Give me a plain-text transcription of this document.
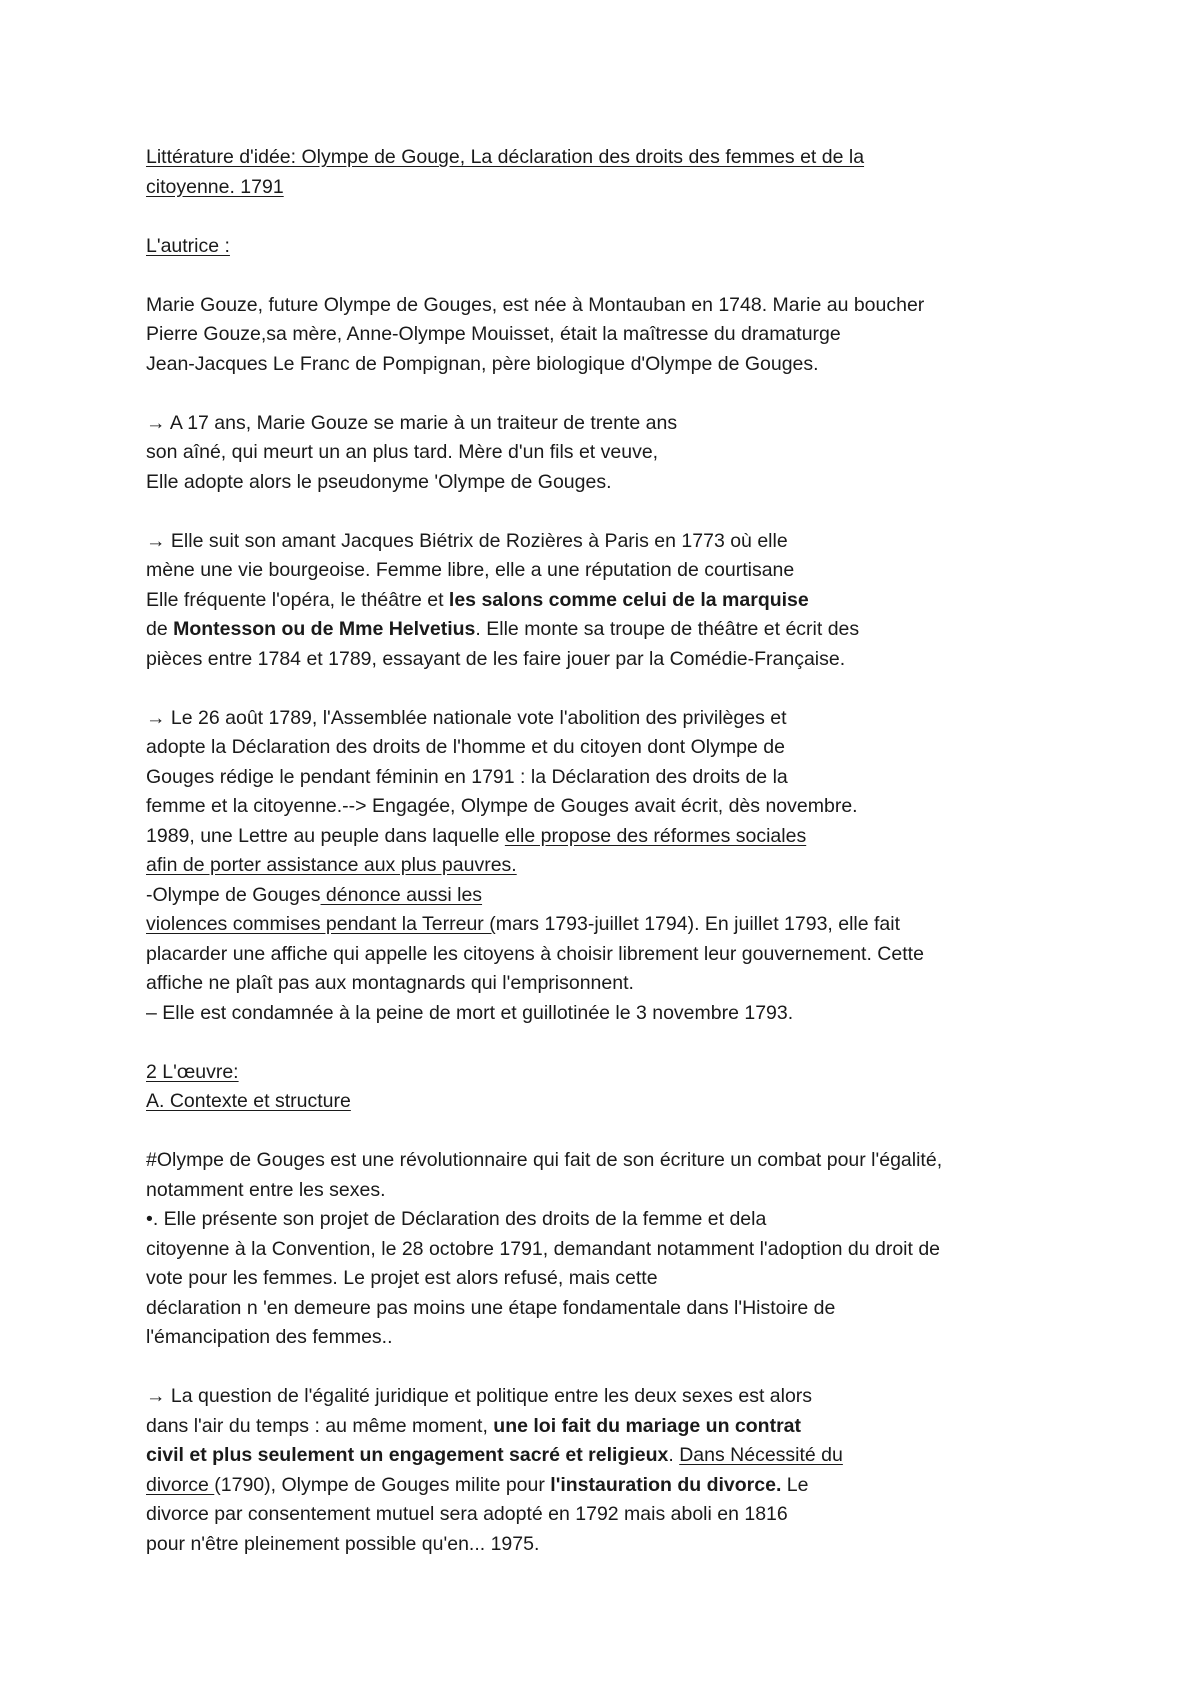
Littérature d'idée: Olympe de Gouge, La déclaration des droits des femmes et de la
citoyenne. 1791
L'autrice :
Marie Gouze, future Olympe de Gouges, est née à Montauban en 1748. Marie au boucher
Pierre Gouze,sa mère, Anne-Olympe Mouisset, était la maîtresse du dramaturge
Jean-Jacques Le Franc de Pompignan, père biologique d'Olympe de Gouges.
→ A 17 ans, Marie Gouze se marie à un traiteur de trente ans
son aîné, qui meurt un an plus tard. Mère d'un fils et veuve,
Elle adopte alors le pseudonyme 'Olympe de Gouges.
→ Elle suit son amant Jacques Biétrix de Rozières à Paris en 1773 où elle
mène une vie bourgeoise. Femme libre, elle a une réputation de courtisane
Elle fréquente l'opéra, le théâtre et les salons comme celui de la marquise
de Montesson ou de Mme Helvetius. Elle monte sa troupe de théâtre et écrit des
pièces entre 1784 et 1789, essayant de les faire jouer par la Comédie-Française.
→ Le 26 août 1789, l'Assemblée nationale vote l'abolition des privilèges et
adopte la Déclaration des droits de l'homme et du citoyen dont Olympe de
Gouges rédige le pendant féminin en 1791 : la Déclaration des droits de la
femme et la citoyenne.--> Engagée, Olympe de Gouges avait écrit, dès novembre.
1989, une Lettre au peuple dans laquelle elle propose des réformes sociales
afin de porter assistance aux plus pauvres.
-Olympe de Gouges dénonce aussi les
violences commises pendant la Terreur (mars 1793-juillet 1794). En juillet 1793, elle fait
placarder une affiche qui appelle les citoyens à choisir librement leur gouvernement. Cette
affiche ne plaît pas aux montagnards qui l'emprisonnent.
– Elle est condamnée à la peine de mort et guillotinée le 3 novembre 1793.
2 L'œuvre:
A. Contexte et structure
#Olympe de Gouges est une révolutionnaire qui fait de son écriture un combat pour l'égalité,
notamment entre les sexes.
•. Elle présente son projet de Déclaration des droits de la femme et dela
citoyenne à la Convention, le 28 octobre 1791, demandant notamment l'adoption du droit de
vote pour les femmes. Le projet est alors refusé, mais cette
déclaration n 'en demeure pas moins une étape fondamentale dans l'Histoire de
l'émancipation des femmes..
→ La question de l'égalité juridique et politique entre les deux sexes est alors
dans l'air du temps : au même moment, une loi fait du mariage un contrat
civil et plus seulement un engagement sacré et religieux. Dans Nécessité du
divorce (1790), Olympe de Gouges milite pour l'instauration du divorce. Le
divorce par consentement mutuel sera adopté en 1792 mais aboli en 1816
pour n'être pleinement possible qu'en... 1975.
